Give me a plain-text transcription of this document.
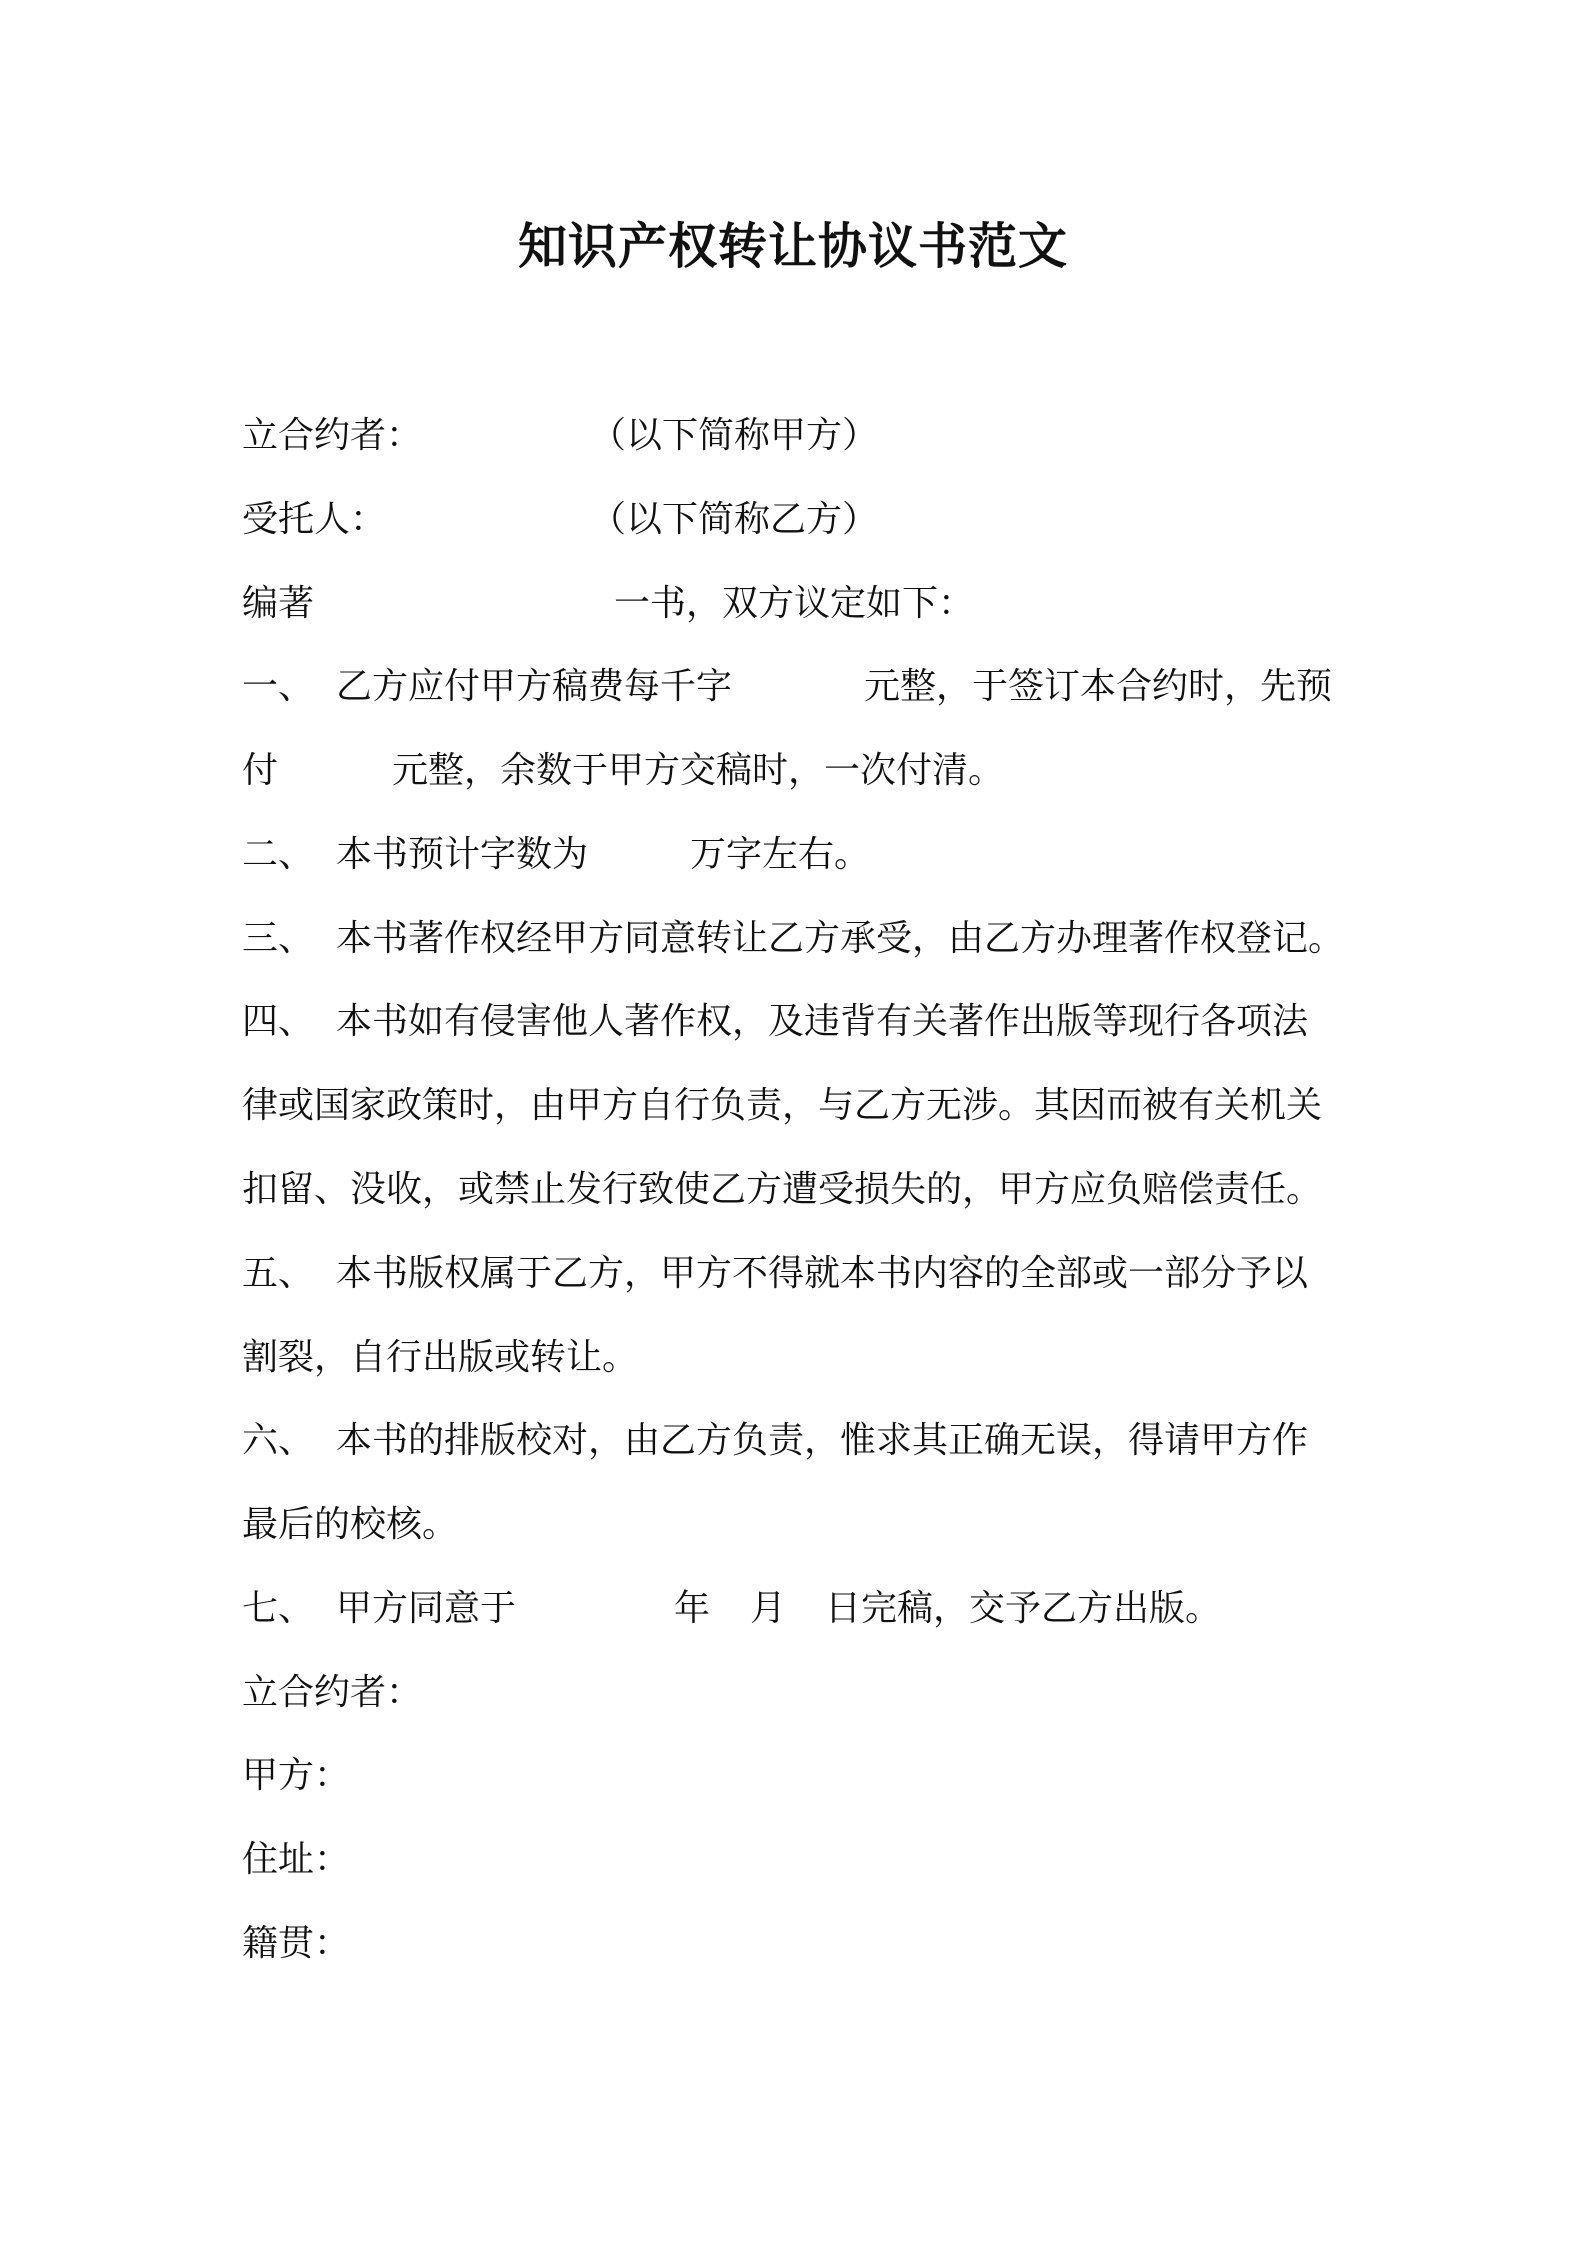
知识产权转让协议书范文
立合约者：	（以下简称甲方）
受托人：	（以下简称乙方）
编著	一书，双方议定如下：
一、 乙方应付甲方稿费每千字	元整，于签订本合约时，先预
付	元整，余数于甲方交稿时，一次付清。
二、 本书预计字数为	万字左右。
三、 本书著作权经甲方同意转让乙方承受，由乙方办理著作权登记。
四、 本书如有侵害他人著作权，及违背有关著作出版等现行各项法
律或国家政策时，由甲方自行负责，与乙方无涉。其因而被有关机关
扣留、没收，或禁止发行致使乙方遭受损失的，甲方应负赔偿责任。
五、 本书版权属于乙方，甲方不得就本书内容的全部或一部分予以
割裂，自行出版或转让。
六、 本书的排版校对，由乙方负责，惟求其正确无误，得请甲方作
最后的校核。
七、 甲方同意于	年 月 日完稿，交予乙方出版。
立合约者：
甲方：
住址：
籍贯：
